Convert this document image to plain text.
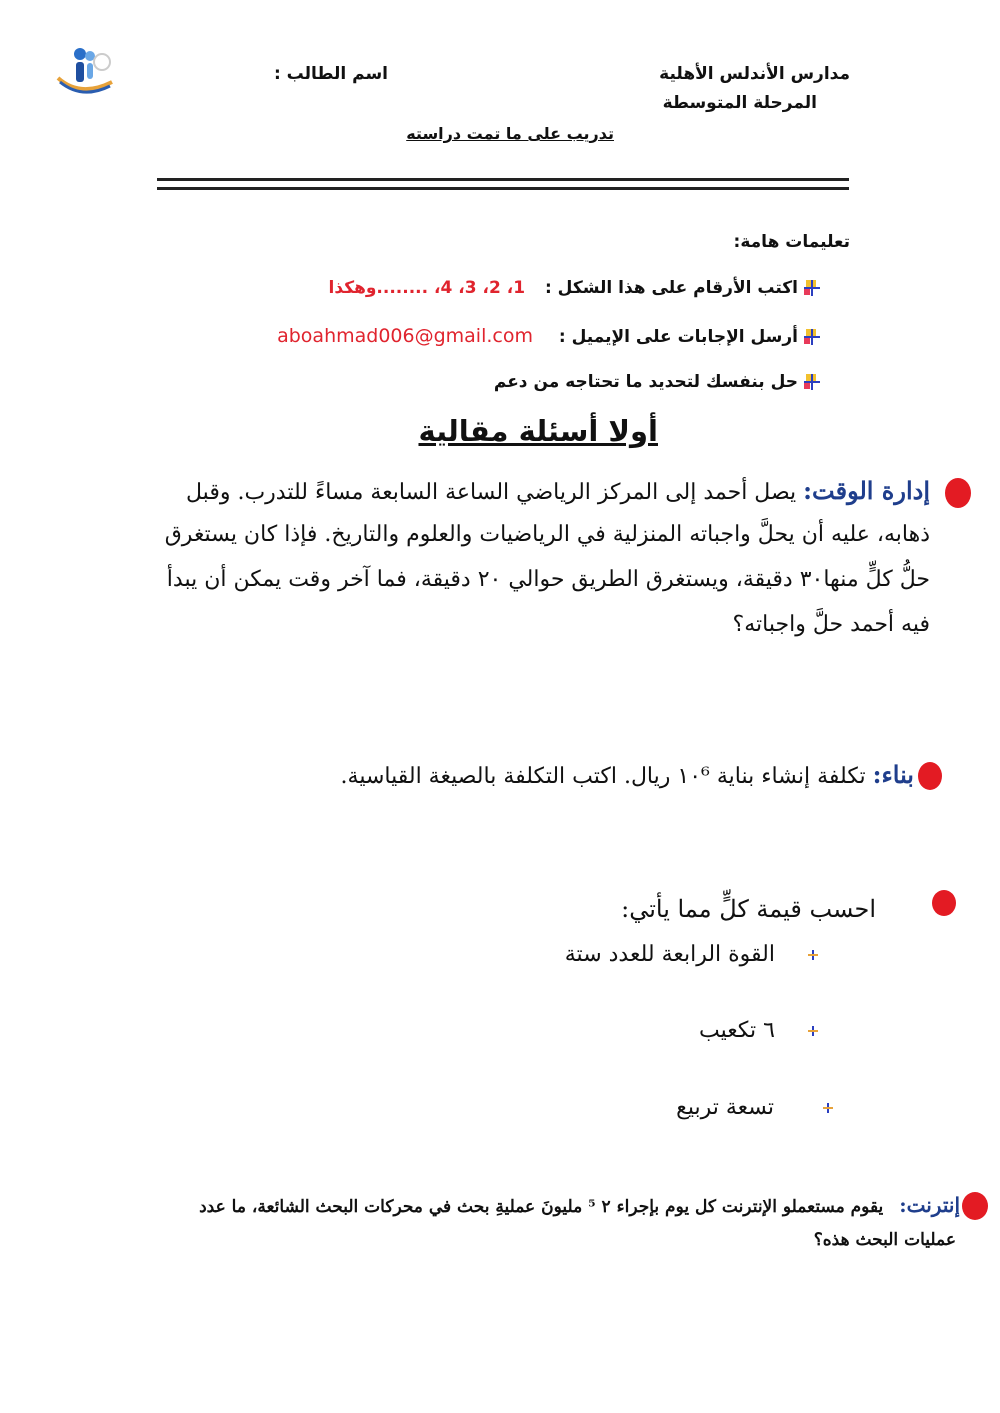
مدارس الأندلس الأهلية
المرحلة المتوسطة
اسم الطالب :
تدريب على ما تمت دراسته
تعليمات هامة:
اكتب الأرقام على هذا الشكل : 1، 2، 3، 4، ........وهكذا
أرسل الإجابات على الإيميل : aboahmad006@gmail.com
حل بنفسك لتحديد ما تحتاجه من دعم
أولا أسئلة مقالية
إدارة الوقت: يصل أحمد إلى المركز الرياضي الساعة السابعة مساءً للتدرب. وقبل
ذهابه، عليه أن يحلَّ واجباته المنزلية في الرياضيات والعلوم والتاريخ. فإذا كان يستغرق
حلُّ كلٍّ منها٣٠ دقيقة، ويستغرق الطريق حوالي ٢٠ دقيقة، فما آخر وقت يمكن أن يبدأ
فيه أحمد حلَّ واجباته؟
بناء: تكلفة إنشاء بناية ١٠⁶ ريال. اكتب التكلفة بالصيغة القياسية.
احسب قيمة كلٍّ مما يأتي:
القوة الرابعة للعدد ستة
٦ تكعيب
تسعة تربيع
إنترنت: يقوم مستعملو الإنترنت كل يوم بإجراء ٢ ⁵ مليونَ عمليةِ بحث في محركات البحث الشائعة، ما عدد
عمليات البحث هذه؟
